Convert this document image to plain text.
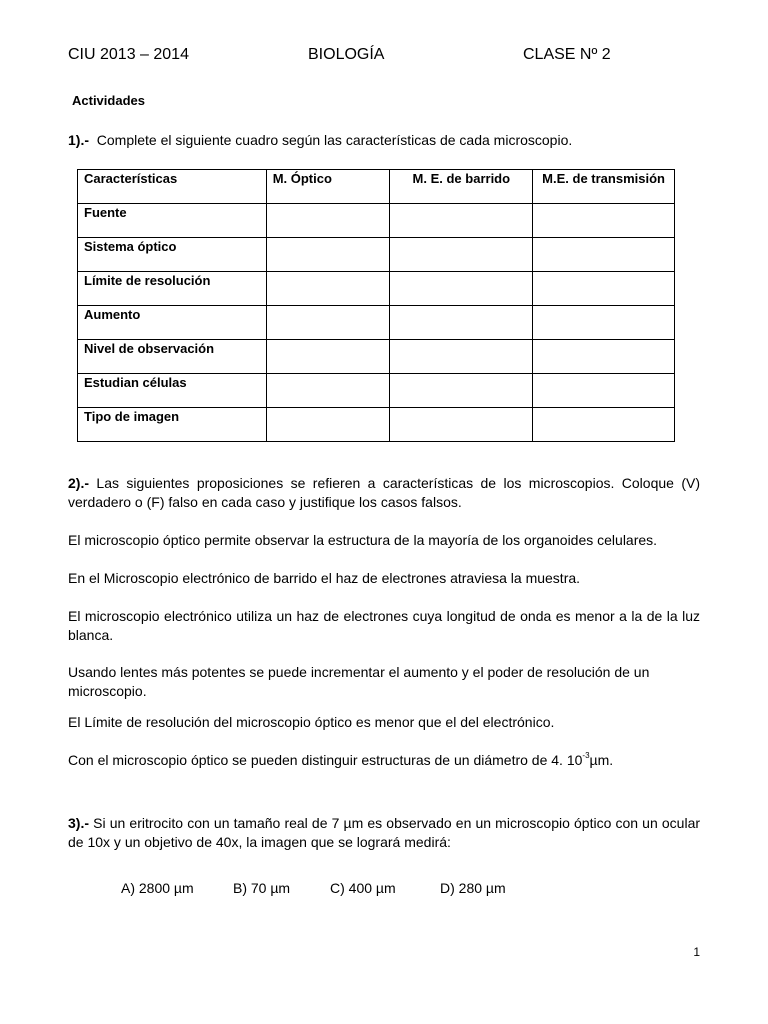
CIU 2013 – 2014	BIOLOGÍA	CLASE Nº 2
Actividades
1).- Complete el siguiente cuadro según las características de cada microscopio.
Características	M. Óptico	M. E. de barrido	M.E. de transmisión
Fuente			
Sistema óptico			
Límite de resolución			
Aumento			
Nivel de observación			
Estudian células			
Tipo de imagen			
2).- Las siguientes proposiciones se refieren a características de los microscopios. Coloque (V) verdadero o (F) falso en cada caso y justifique los casos falsos.
El microscopio óptico permite observar la estructura de la mayoría de los organoides celulares.
En el Microscopio electrónico de barrido el haz de electrones atraviesa la muestra.
El microscopio electrónico utiliza un haz de electrones cuya longitud de onda es menor a la de la luz blanca.
Usando lentes más potentes se puede incrementar el aumento y el poder de resolución de un microscopio.
El Límite de resolución del microscopio óptico es menor que el del electrónico.
Con el microscopio óptico se pueden distinguir estructuras de un diámetro de 4. $10^{-3}\mu m$.
3).- Si un eritrocito con un tamaño real de 7 µm es observado en un microscopio óptico con un ocular de 10x y un objetivo de 40x, la imagen que se logrará medirá:
A) 2800 µm	B) 70 µm	C) 400 µm	D) 280 µm
1
